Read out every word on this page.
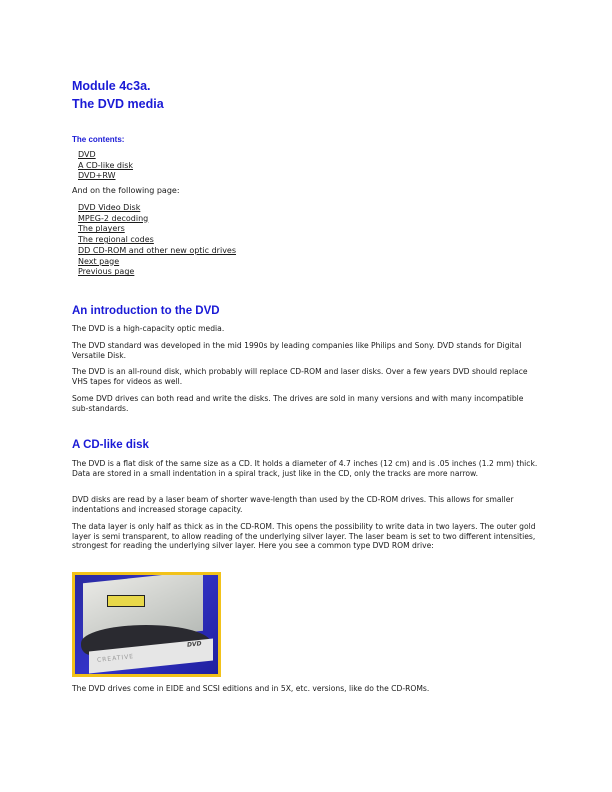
Module 4c3a.
The DVD media
The contents:
DVD
A CD-like disk
DVD+RW

And on the following page:

DVD Video Disk
MPEG-2 decoding
The players
The regional codes
DD CD-ROM and other new optic drives
Next page
Previous page
An introduction to the DVD

The DVD is a high-capacity optic media.

The DVD standard was developed in the mid 1990s by leading companies like Philips and Sony. DVD stands for Digital Versatile Disk.

The DVD is an all-round disk, which probably will replace CD-ROM and laser disks. Over a few years DVD should replace VHS tapes for videos as well.

Some DVD drives can both read and write the disks. The drives are sold in many versions and with many incompatible sub-standards.

A CD-like disk

The DVD is a flat disk of the same size as a CD. It holds a diameter of 4.7 inches (12 cm) and is .05 inches (1.2 mm) thick. Data are stored in a small indentation in a spiral track, just like in the CD, only the tracks are more narrow.

DVD disks are read by a laser beam of shorter wave-length than used by the CD-ROM drives. This allows for smaller indentations and increased storage capacity.

The data layer is only half as thick as in the CD-ROM. This opens the possibility to write data in two layers. The outer gold layer is semi transparent, to allow reading of the underlying silver layer. The laser beam is set to two different intensities, strongest for reading the underlying silver layer. Here you see a common type DVD ROM drive:

CREATIVE
DVD

The DVD drives come in EIDE and SCSI editions and in 5X, etc. versions, like do the CD-ROMs.
